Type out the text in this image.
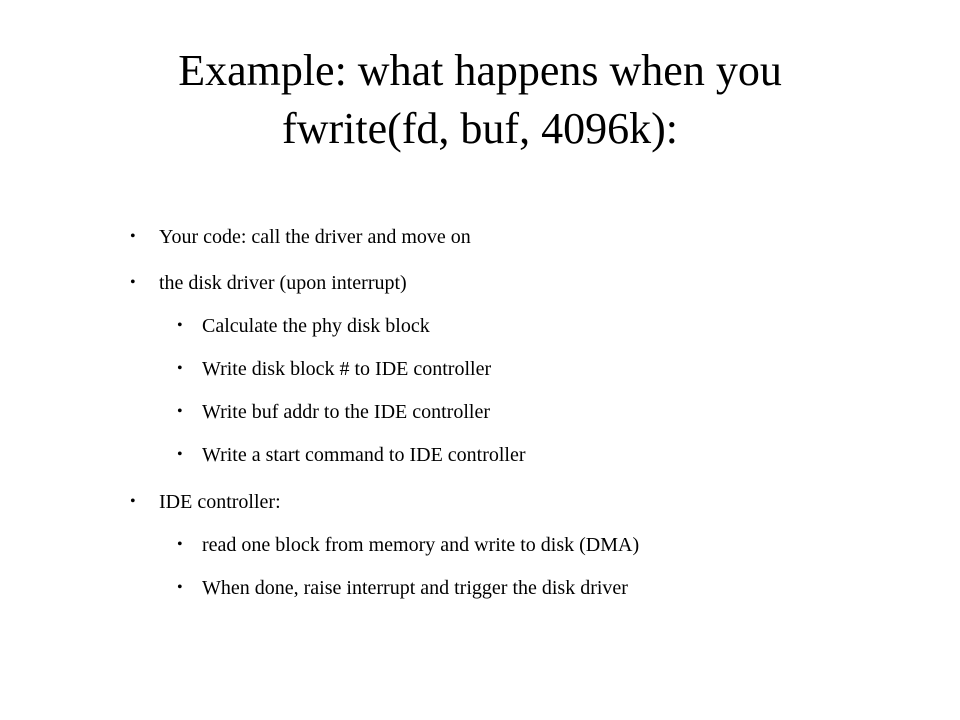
Example: what happens when you
fwrite(fd, buf, 4096k):
• Your code: call the driver and move on
• the disk driver (upon interrupt)
• Calculate the phy disk block
• Write disk block # to IDE controller
• Write buf addr to the IDE controller
• Write a start command to IDE controller
• IDE controller:
• read one block from memory and write to disk (DMA)
• When done, raise interrupt and trigger the disk driver
